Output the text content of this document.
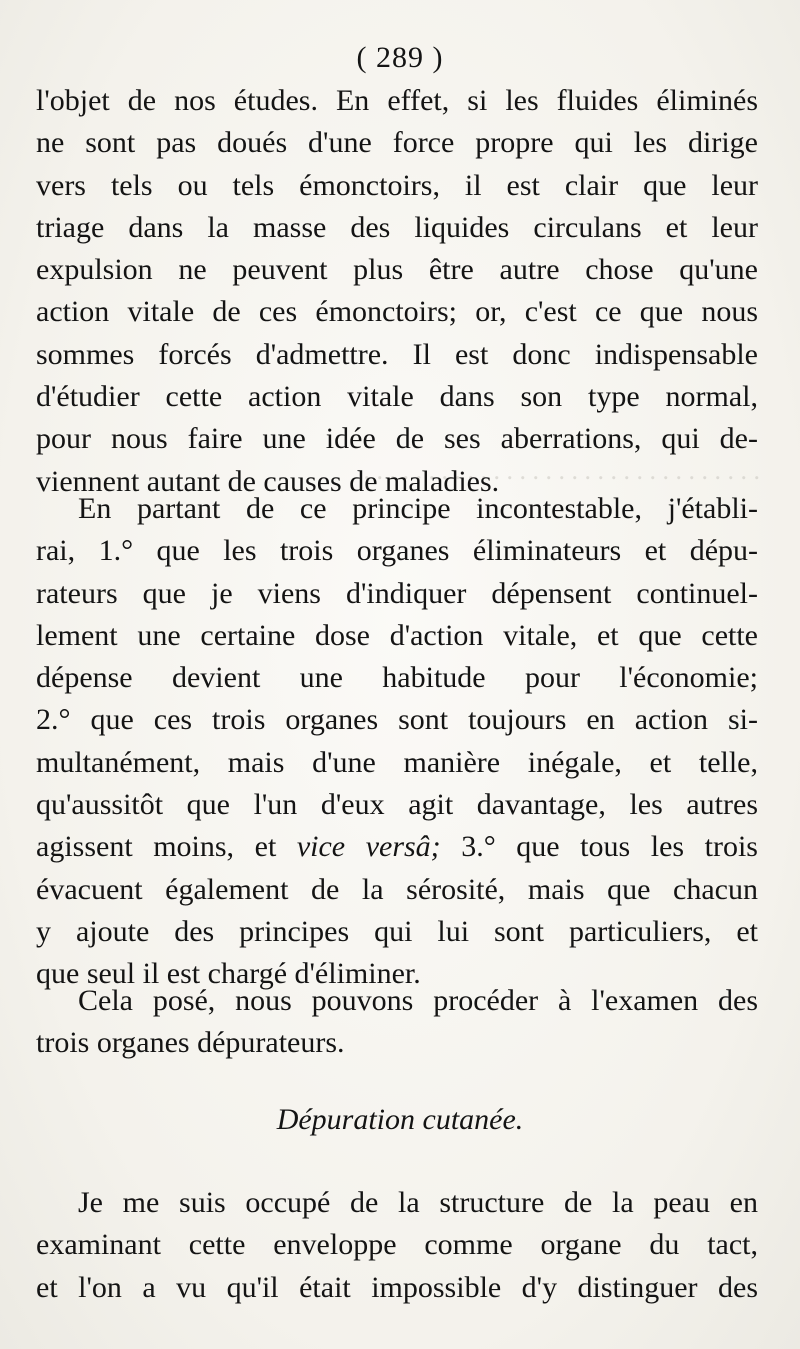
. . . . . . . . . . . . . . . . . . . . . . . . . . . . . . .
( 289 )
l'objet de nos études. En effet, si les fluides éliminés
ne sont pas doués d'une force propre qui les dirige
vers tels ou tels émonctoirs, il est clair que leur
triage dans la masse des liquides circulans et leur
expulsion ne peuvent plus être autre chose qu'une
action vitale de ces émonctoirs; or, c'est ce que nous
sommes forcés d'admettre. Il est donc indispensable
d'étudier cette action vitale dans son type normal,
pour nous faire une idée de ses aberrations, qui de-
viennent autant de causes de maladies.
En partant de ce principe incontestable, j'établi-
rai, 1.° que les trois organes éliminateurs et dépu-
rateurs que je viens d'indiquer dépensent continuel-
lement une certaine dose d'action vitale, et que cette
dépense devient une habitude pour l'économie;
2.° que ces trois organes sont toujours en action si-
multanément, mais d'une manière inégale, et telle,
qu'aussitôt que l'un d'eux agit davantage, les autres
agissent moins, et vice versâ; 3.° que tous les trois
évacuent également de la sérosité, mais que chacun
y ajoute des principes qui lui sont particuliers, et
que seul il est chargé d'éliminer.
Cela posé, nous pouvons procéder à l'examen des
trois organes dépurateurs.
Dépuration cutanée.
Je me suis occupé de la structure de la peau en
examinant cette enveloppe comme organe du tact,
et l'on a vu qu'il était impossible d'y distinguer des
